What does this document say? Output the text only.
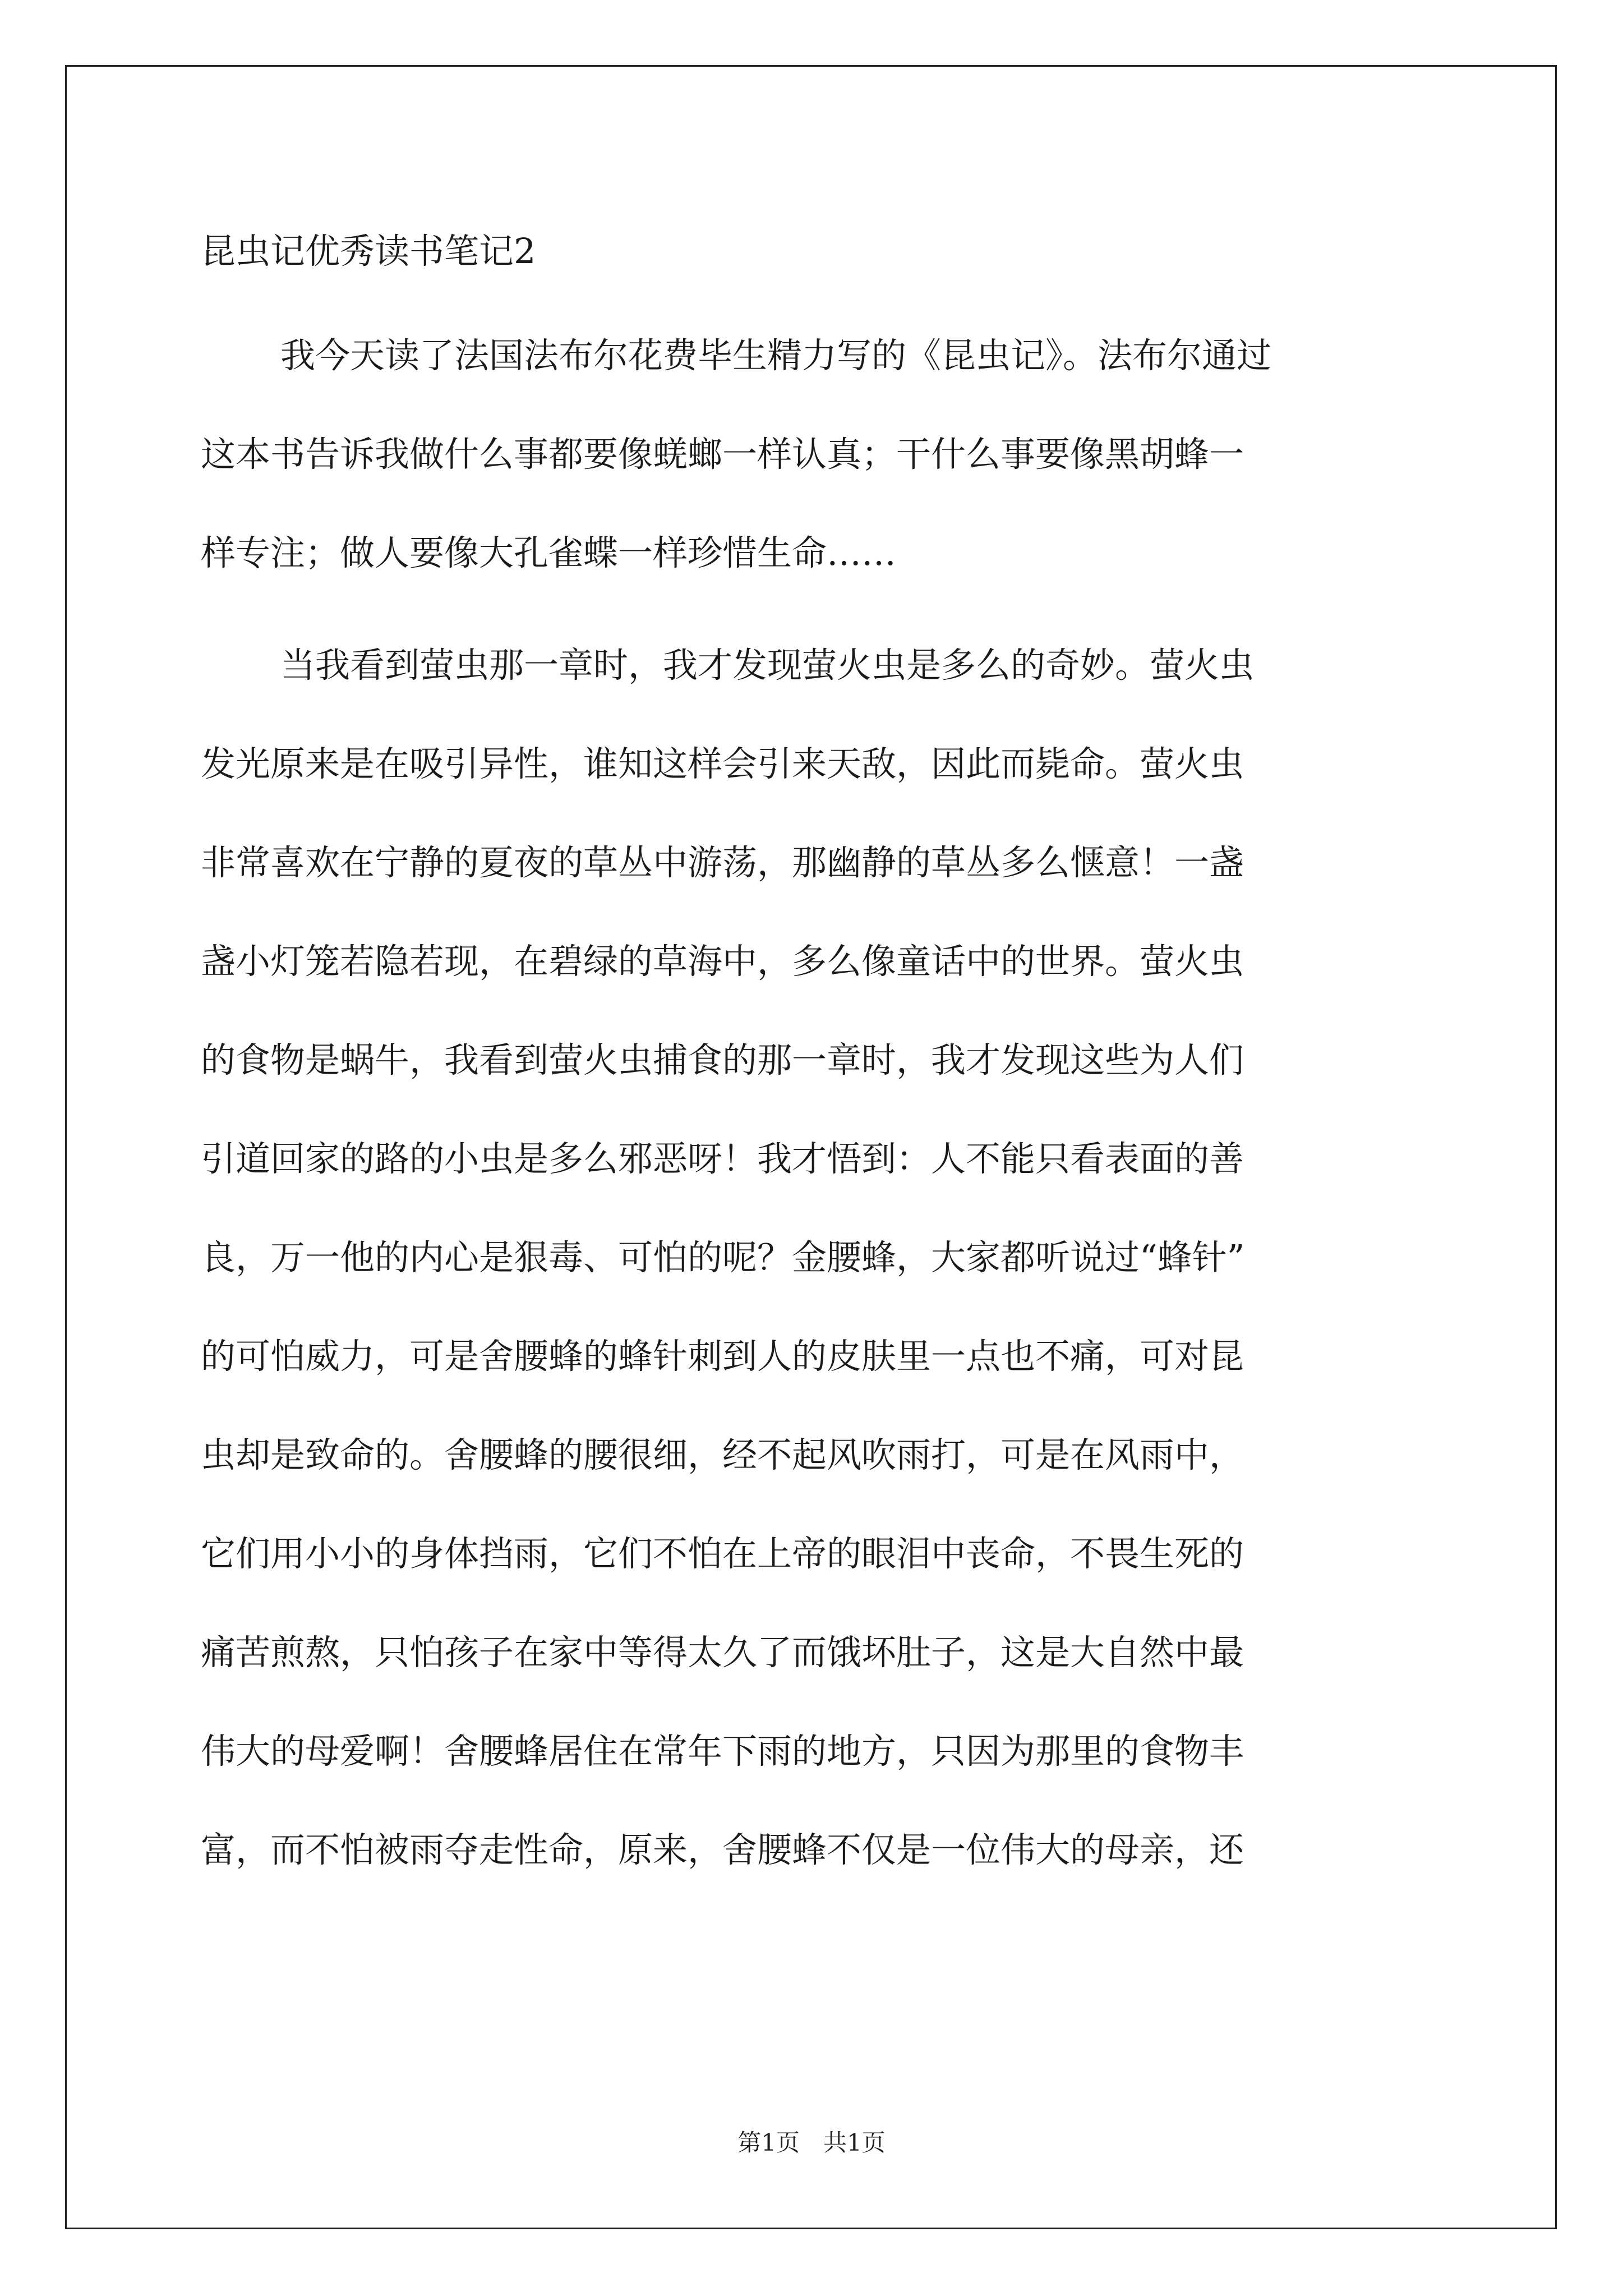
昆虫记优秀读书笔记2

我今天读了法国法布尔花费毕生精力写的《昆虫记》。法布尔通过

这本书告诉我做什么事都要像蜣螂一样认真；干什么事要像黑胡蜂一

样专注；做人要像大孔雀蝶一样珍惜生命……

当我看到萤虫那一章时，我才发现萤火虫是多么的奇妙。萤火虫

发光原来是在吸引异性，谁知这样会引来天敌，因此而毙命。萤火虫

非常喜欢在宁静的夏夜的草丛中游荡，那幽静的草丛多么惬意！一盏

盏小灯笼若隐若现，在碧绿的草海中，多么像童话中的世界。萤火虫

的食物是蜗牛，我看到萤火虫捕食的那一章时，我才发现这些为人们

引道回家的路的小虫是多么邪恶呀！我才悟到：人不能只看表面的善

良，万一他的内心是狠毒、可怕的呢？金腰蜂，大家都听说过“蜂针”

的可怕威力，可是舍腰蜂的蜂针刺到人的皮肤里一点也不痛，可对昆

虫却是致命的。舍腰蜂的腰很细，经不起风吹雨打，可是在风雨中，

它们用小小的身体挡雨，它们不怕在上帝的眼泪中丧命，不畏生死的

痛苦煎熬，只怕孩子在家中等得太久了而饿坏肚子，这是大自然中最

伟大的母爱啊！舍腰蜂居住在常年下雨的地方，只因为那里的食物丰

富，而不怕被雨夺走性命，原来，舍腰蜂不仅是一位伟大的母亲，还

第1页　共1页
